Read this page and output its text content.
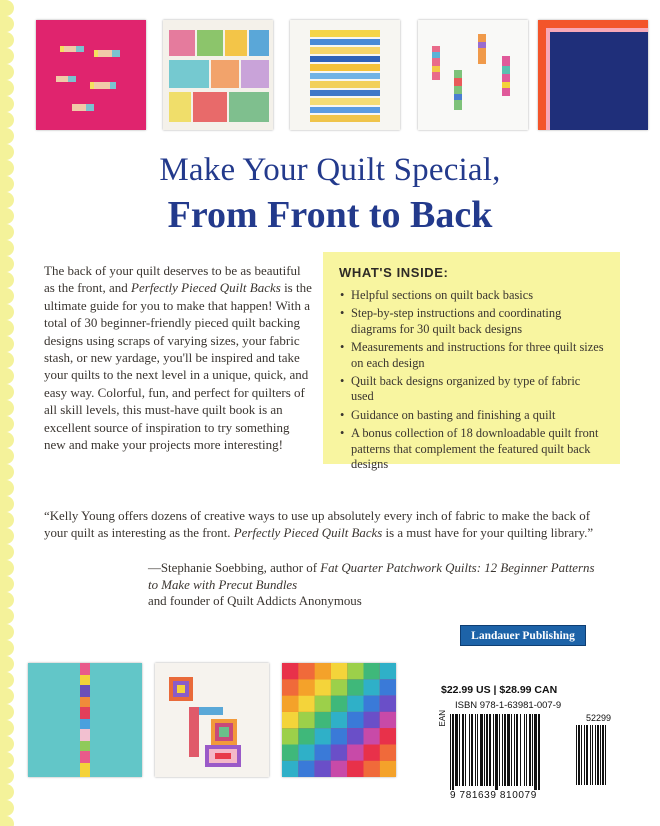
Make Your Quilt Special,
From Front to Back
The back of your quilt deserves to be as beautiful as the front, and Perfectly Pieced Quilt Backs is the ultimate guide for you to make that happen! With a total of 30 beginner-friendly pieced quilt backing designs using scraps of varying sizes, your fabric stash, or new yardage, you'll be inspired and take your quilts to the next level in a unique, quick, and easy way. Colorful, fun, and perfect for quilters of all skill levels, this must-have quilt book is an excellent source of inspiration to try something new and make your projects more interesting!
WHAT'S INSIDE:
• Helpful sections on quilt back basics
• Step-by-step instructions and coordinating diagrams for 30 quilt back designs
• Measurements and instructions for three quilt sizes on each design
• Quilt back designs organized by type of fabric used
• Guidance on basting and finishing a quilt
• A bonus collection of 18 downloadable quilt front patterns that complement the featured quilt back designs
“Kelly Young offers dozens of creative ways to use up absolutely every inch of fabric to make the back of your quilt as interesting as the front. Perfectly Pieced Quilt Backs is a must have for your quilting library.”
—Stephanie Soebbing, author of Fat Quarter Patchwork Quilts: 12 Beginner Patterns to Make with Precut Bundles
and founder of Quilt Addicts Anonymous
Landauer Publishing
$22.99 US | $28.99 CAN
ISBN 978-1-63981-007-9
EAN	52299
9 781639 810079
